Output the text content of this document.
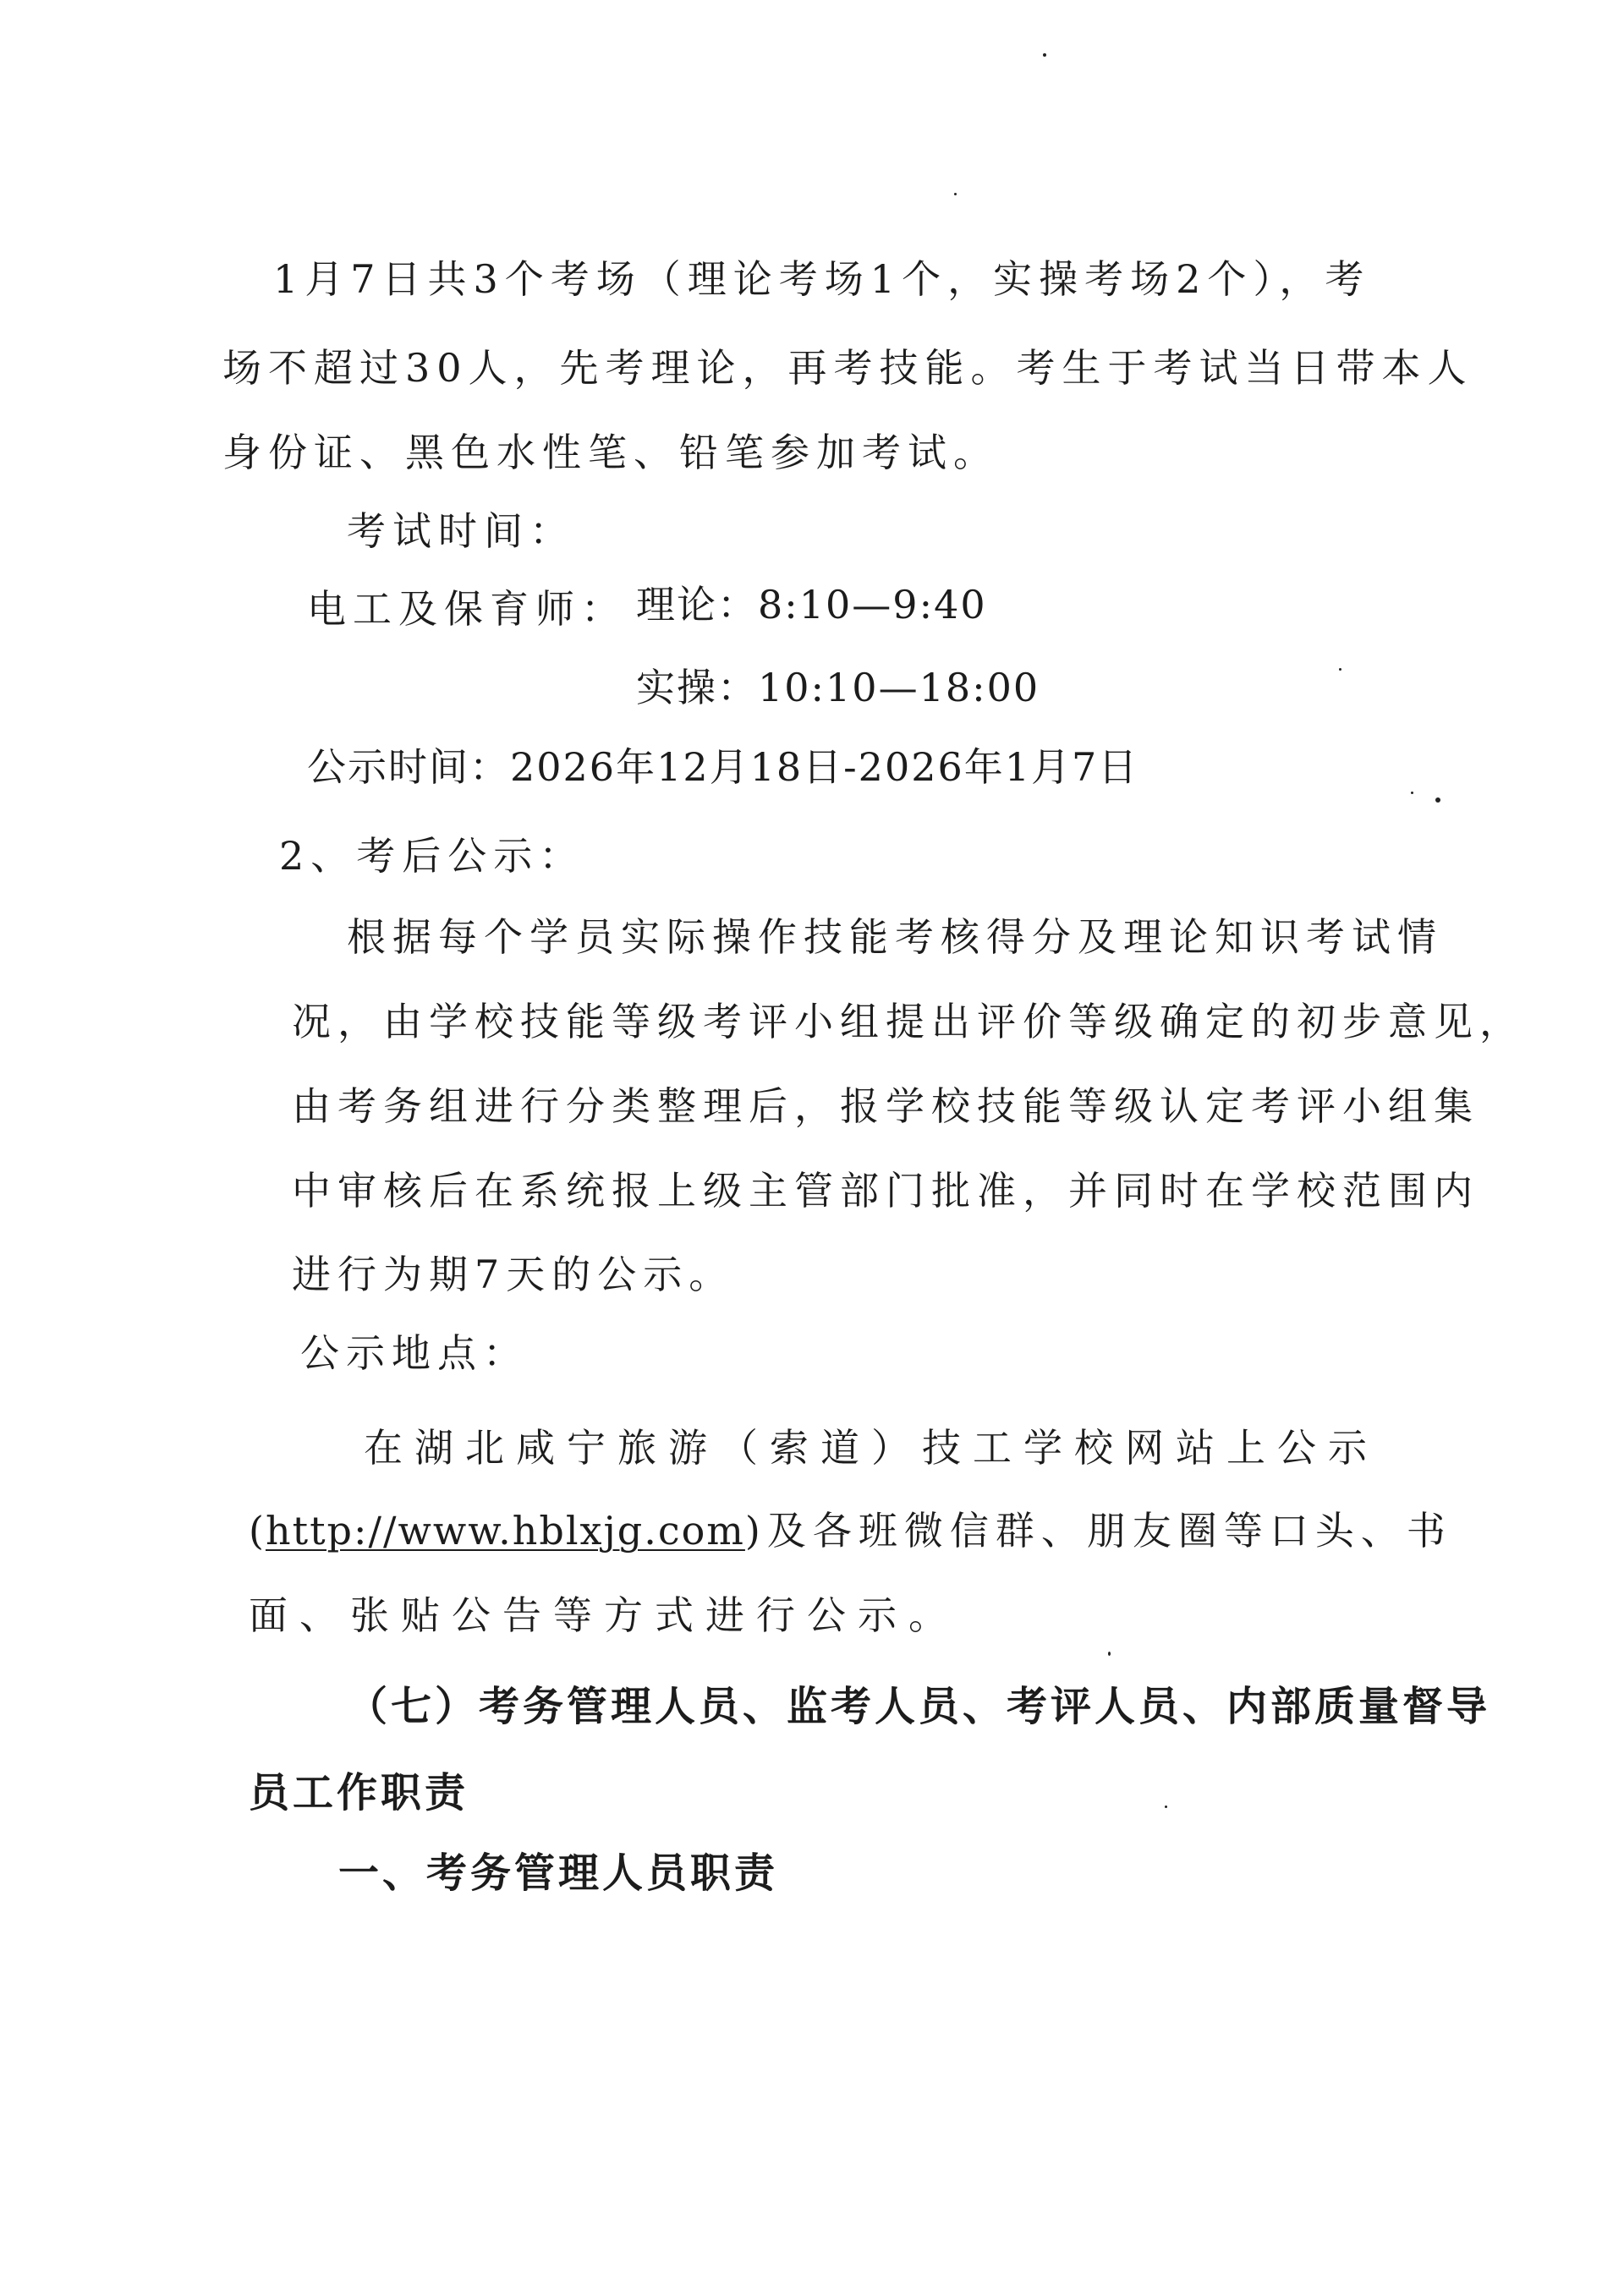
1月7日共3个考场（理论考场1个，实操考场2个），考
场不超过30人，先考理论，再考技能。考生于考试当日带本人
身份证、黑色水性笔、铅笔参加考试。
考试时间：
电工及保育师： 理论：8:10—9:40
实操：10:10—18:00
公示时间：2026年12月18日-2026年1月7日
2、考后公示：
根据每个学员实际操作技能考核得分及理论知识考试情
况，由学校技能等级考评小组提出评价等级确定的初步意见，
由考务组进行分类整理后，报学校技能等级认定考评小组集
中审核后在系统报上级主管部门批准，并同时在学校范围内
进行为期7天的公示。
公示地点：
在湖北咸宁旅游（索道）技工学校网站上公示
(http://www.hblxjg.com)及各班微信群、朋友圈等口头、书
面、张贴公告等方式进行公示。
（七）考务管理人员、监考人员、考评人员、内部质量督导
员工作职责
一、考务管理人员职责
